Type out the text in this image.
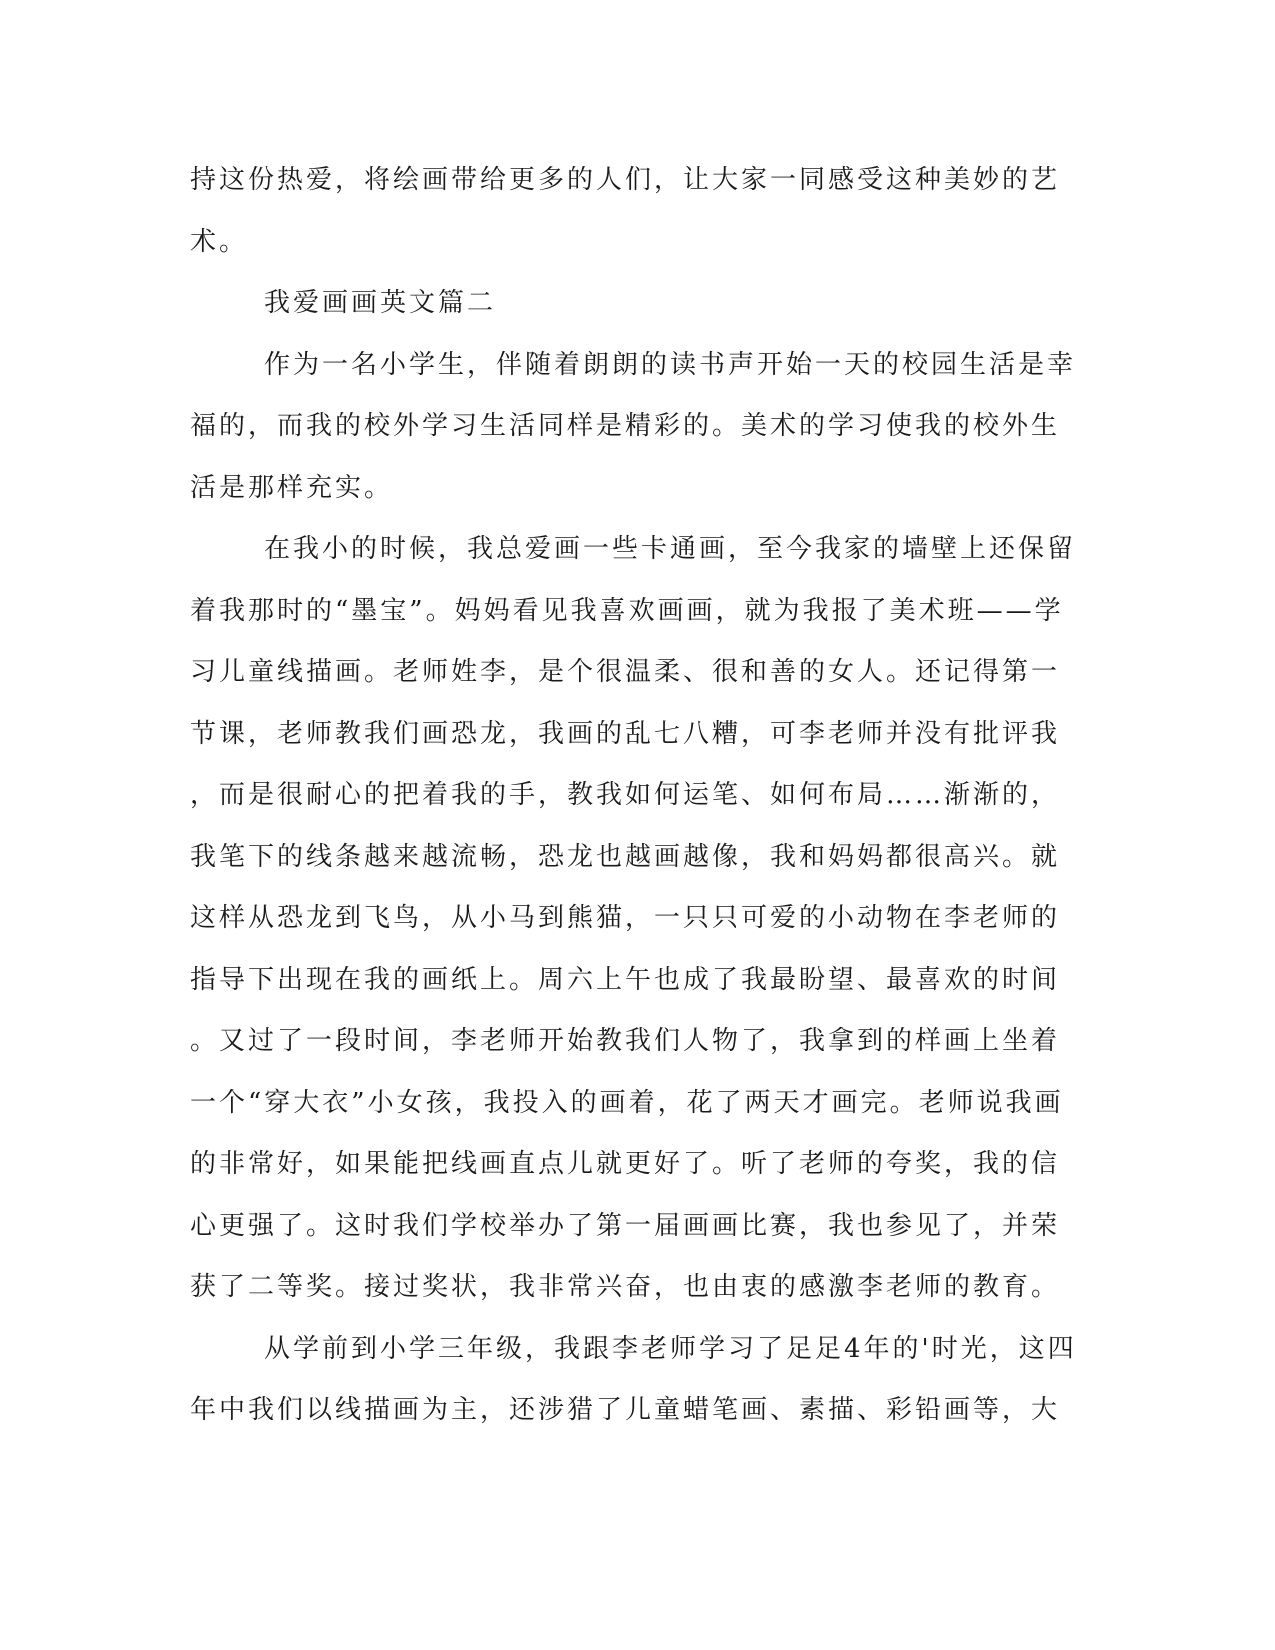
持这份热爱，将绘画带给更多的人们，让大家一同感受这种美妙的艺
术。
我爱画画英文篇二
作为一名小学生，伴随着朗朗的读书声开始一天的校园生活是幸
福的，而我的校外学习生活同样是精彩的。美术的学习使我的校外生
活是那样充实。
在我小的时候，我总爱画一些卡通画，至今我家的墙壁上还保留
着我那时的“墨宝”。妈妈看见我喜欢画画，就为我报了美术班——学
习儿童线描画。老师姓李，是个很温柔、很和善的女人。还记得第一
节课，老师教我们画恐龙，我画的乱七八糟，可李老师并没有批评我
，而是很耐心的把着我的手，教我如何运笔、如何布局……渐渐的，
我笔下的线条越来越流畅，恐龙也越画越像，我和妈妈都很高兴。就
这样从恐龙到飞鸟，从小马到熊猫，一只只可爱的小动物在李老师的
指导下出现在我的画纸上。周六上午也成了我最盼望、最喜欢的时间
。又过了一段时间，李老师开始教我们人物了，我拿到的样画上坐着
一个“穿大衣”小女孩，我投入的画着，花了两天才画完。老师说我画
的非常好，如果能把线画直点儿就更好了。听了老师的夸奖，我的信
心更强了。这时我们学校举办了第一届画画比赛，我也参见了，并荣
获了二等奖。接过奖状，我非常兴奋，也由衷的感激李老师的教育。
从学前到小学三年级，我跟李老师学习了足足4年的'时光，这四
年中我们以线描画为主，还涉猎了儿童蜡笔画、素描、彩铅画等，大
